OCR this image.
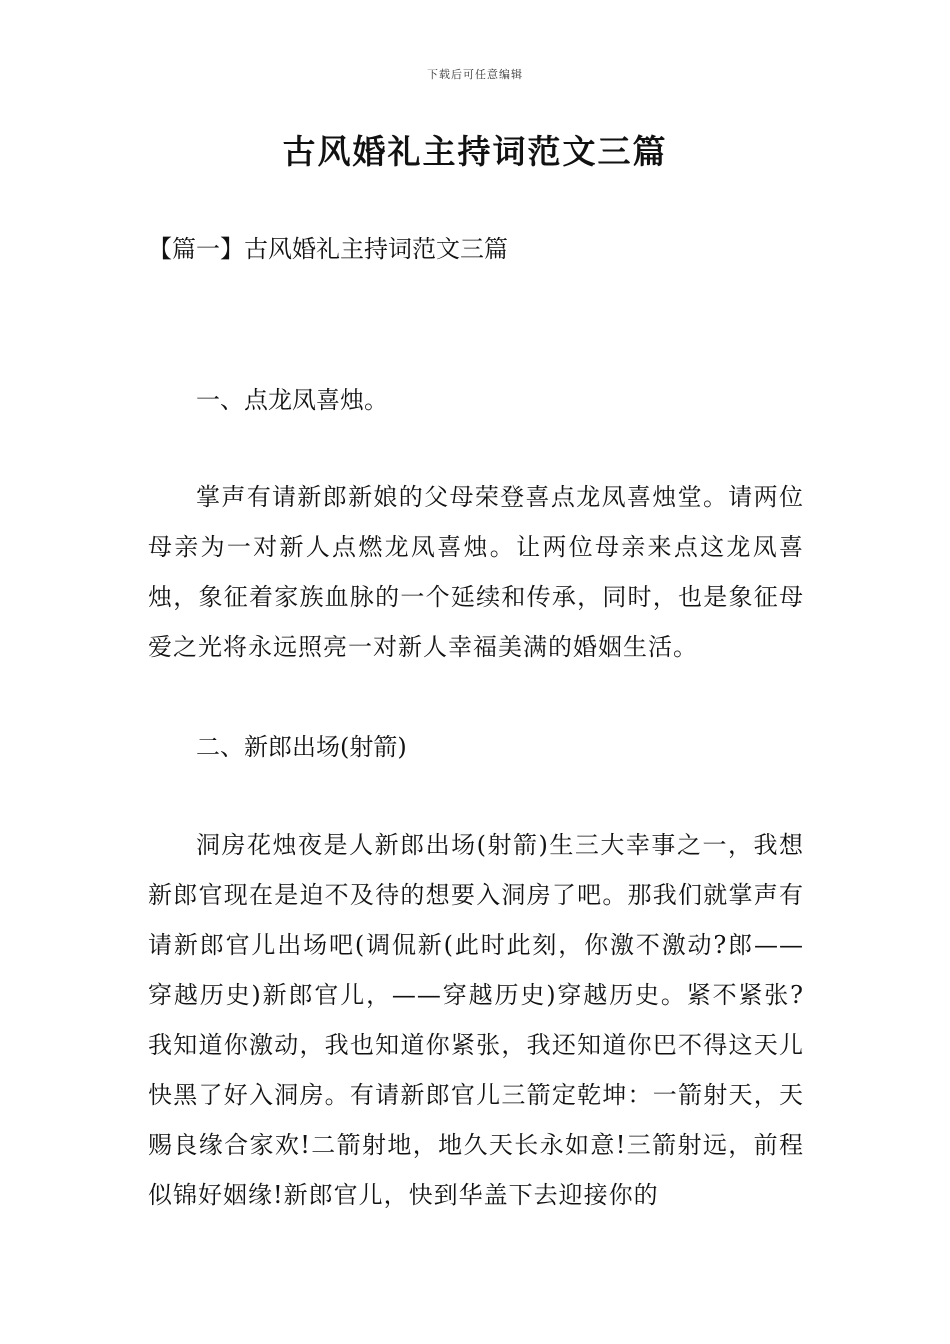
下载后可任意编辑
古风婚礼主持词范文三篇
【篇一】古风婚礼主持词范文三篇
一、点龙凤喜烛。
掌声有请新郎新娘的父母荣登喜点龙凤喜烛堂。请两位母亲为一对新人点燃龙凤喜烛。让两位母亲来点这龙凤喜烛，象征着家族血脉的一个延续和传承，同时，也是象征母爱之光将永远照亮一对新人幸福美满的婚姻生活。
二、新郎出场(射箭)
洞房花烛夜是人新郎出场(射箭)生三大幸事之一，我想新郎官现在是迫不及待的想要入洞房了吧。那我们就掌声有请新郎官儿出场吧(调侃新(此时此刻，你激不激动?郎——穿越历史)新郎官儿，——穿越历史)穿越历史。紧不紧张?我知道你激动，我也知道你紧张，我还知道你巴不得这天儿快黑了好入洞房。有请新郎官儿三箭定乾坤：一箭射天，天赐良缘合家欢!二箭射地，地久天长永如意!三箭射远，前程似锦好姻缘!新郎官儿，快到华盖下去迎接你的
